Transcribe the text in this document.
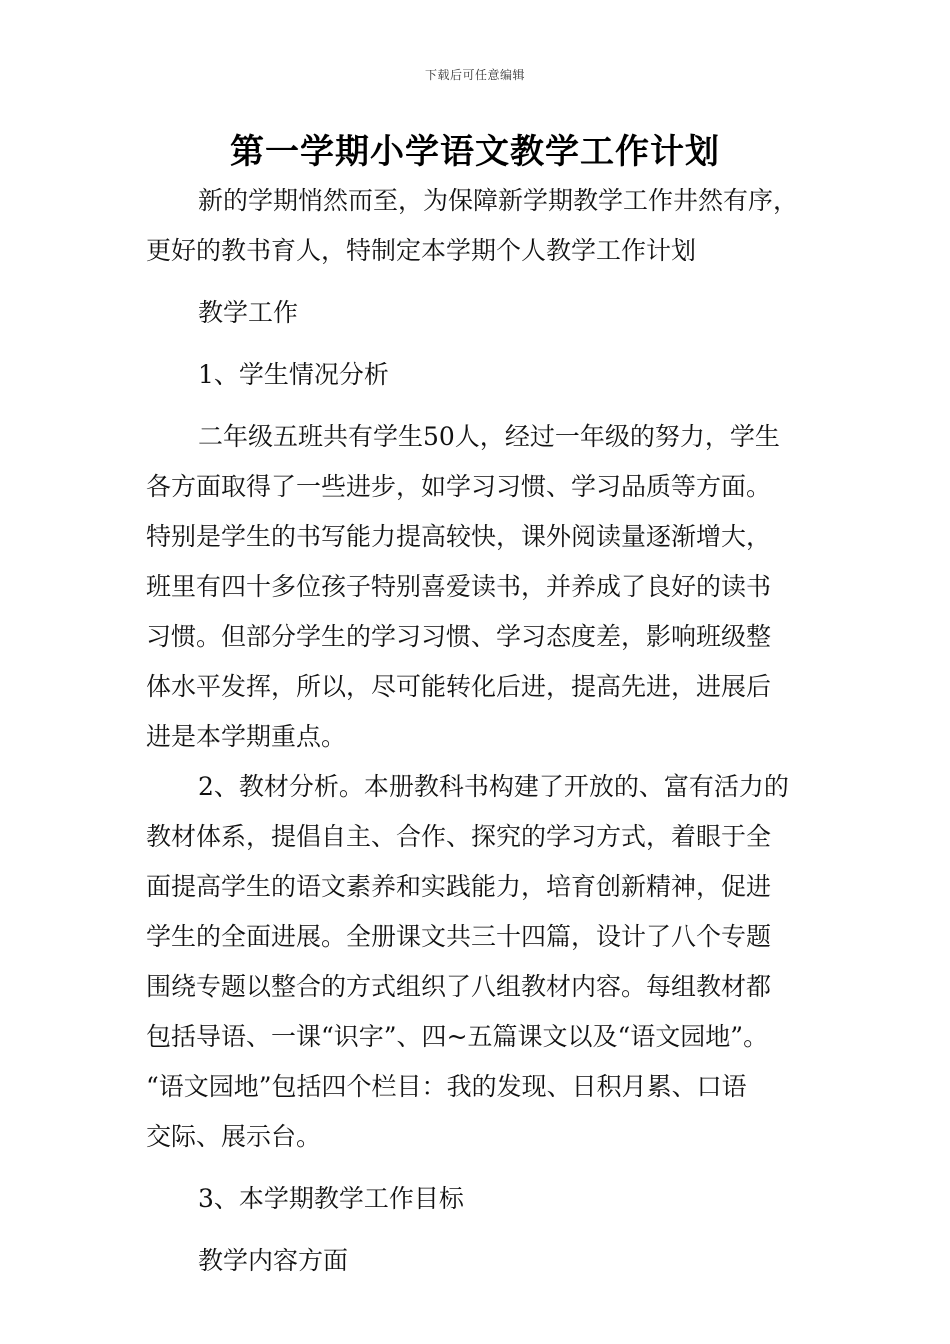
下载后可任意编辑
第一学期小学语文教学工作计划

新的学期悄然而至，为保障新学期教学工作井然有序，

更好的教书育人，特制定本学期个人教学工作计划

教学工作

1、学生情况分析

二年级五班共有学生50人，经过一年级的努力，学生

各方面取得了一些进步，如学习习惯、学习品质等方面。

特别是学生的书写能力提高较快，课外阅读量逐渐增大，

班里有四十多位孩子特别喜爱读书，并养成了良好的读书

习惯。但部分学生的学习习惯、学习态度差，影响班级整

体水平发挥，所以，尽可能转化后进，提高先进，进展后

进是本学期重点。

2、教材分析。本册教科书构建了开放的、富有活力的

教材体系，提倡自主、合作、探究的学习方式，着眼于全

面提高学生的语文素养和实践能力，培育创新精神，促进

学生的全面进展。全册课文共三十四篇，设计了八个专题

围绕专题以整合的方式组织了八组教材内容。每组教材都

包括导语、一课“识字”、四~五篇课文以及“语文园地”。

“语文园地”包括四个栏目：我的发现、日积月累、口语

交际、展示台。

3、本学期教学工作目标

教学内容方面
